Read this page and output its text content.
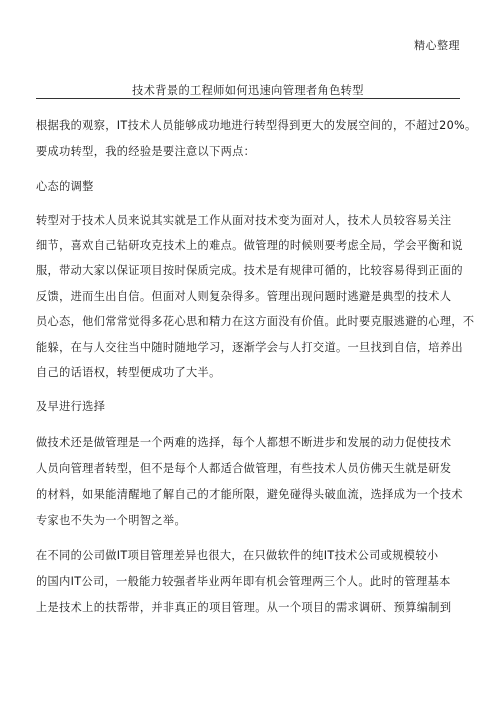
精心整理
技术背景的工程师如何迅速向管理者角色转型
根据我的观察，IT技术人员能够成功地进行转型得到更大的发展空间的，不超过20%。
要成功转型，我的经验是要注意以下两点：
心态的调整
转型对于技术人员来说其实就是工作从面对技术变为面对人，技术人员较容易关注
细节，喜欢自己钻研攻克技术上的难点。做管理的时候则要考虑全局，学会平衡和说
服，带动大家以保证项目按时保质完成。技术是有规律可循的，比较容易得到正面的
反馈，进而生出自信。但面对人则复杂得多。管理出现问题时逃避是典型的技术人
员心态，他们常常觉得多花心思和精力在这方面没有价值。此时要克服逃避的心理，不
能躲，在与人交往当中随时随地学习，逐渐学会与人打交道。一旦找到自信，培养出
自己的话语权，转型便成功了大半。
及早进行选择
做技术还是做管理是一个两难的选择，每个人都想不断进步和发展的动力促使技术
人员向管理者转型，但不是每个人都适合做管理，有些技术人员仿佛天生就是研发
的材料，如果能清醒地了解自己的才能所限，避免碰得头破血流，选择成为一个技术
专家也不失为一个明智之举。
在不同的公司做IT项目管理差异也很大，在只做软件的纯IT技术公司或规模较小
的国内IT公司，一般能力较强者毕业两年即有机会管理两三个人。此时的管理基本
上是技术上的扶帮带，并非真正的项目管理。从一个项目的需求调研、预算编制到
